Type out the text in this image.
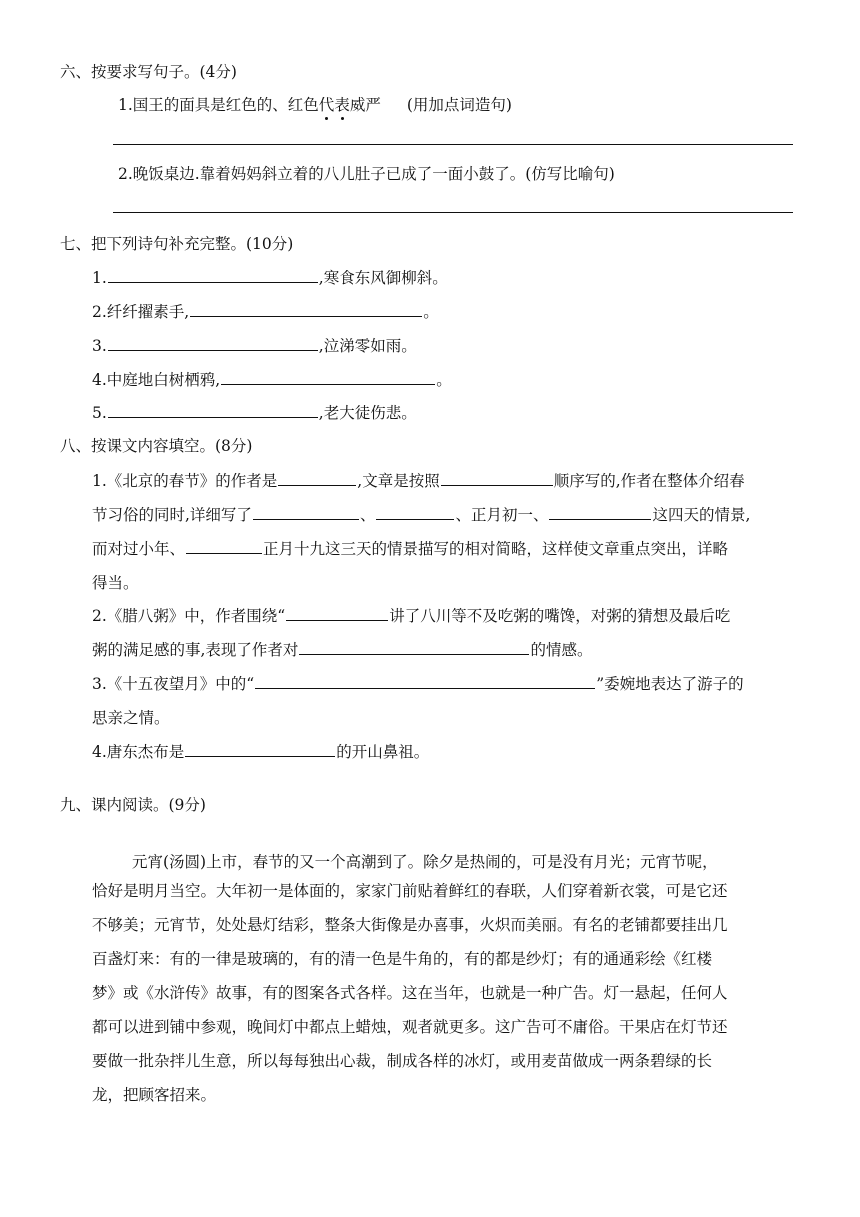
六、按要求写句子。(4分)
1.国王的面具是红色的、红色代表威严 (用加点词造句)
2.晚饭桌边.靠着妈妈斜立着的八儿肚子已成了一面小鼓了。(仿写比喻句)
七、把下列诗句补充完整。(10分)
1.	,寒食东风御柳斜。
2.纤纤擢素手,	。
3.	,泣涕零如雨。
4.中庭地白树栖鸦,	。
5.	,老大徒伤悲。
八、按课文内容填空。(8分)
1.《北京的春节》的作者是	,文章是按照	顺序写的,作者在整体介绍春
节习俗的同时,详细写了	、	、正月初一、	这四天的情景,
而对过小年、	正月十九这三天的情景描写的相对简略，这样使文章重点突出，详略
得当。
2.《腊八粥》中，作者围绕“	讲了八川等不及吃粥的嘴馋，对粥的猜想及最后吃
粥的满足感的事,表现了作者对	的情感。
3.《十五夜望月》中的“	”委婉地表达了游子的
思亲之情。
4.唐东杰布是	的开山鼻祖。
九、课内阅读。(9分)
元宵(汤圆)上市，春节的又一个高潮到了。除夕是热闹的，可是没有月光；元宵节呢，
恰好是明月当空。大年初一是体面的，家家门前贴着鲜红的春联，人们穿着新衣裳，可是它还
不够美；元宵节，处处悬灯结彩，整条大街像是办喜事，火炽而美丽。有名的老铺都要挂出几
百盏灯来：有的一律是玻璃的，有的清一色是牛角的，有的都是纱灯；有的通通彩绘《红楼
梦》或《水浒传》故事，有的图案各式各样。这在当年，也就是一种广告。灯一悬起，任何人
都可以进到铺中参观，晚间灯中都点上蜡烛，观者就更多。这广告可不庸俗。干果店在灯节还
要做一批杂拌儿生意，所以每每独出心裁，制成各样的冰灯，或用麦苗做成一两条碧绿的长
龙，把顾客招来。
